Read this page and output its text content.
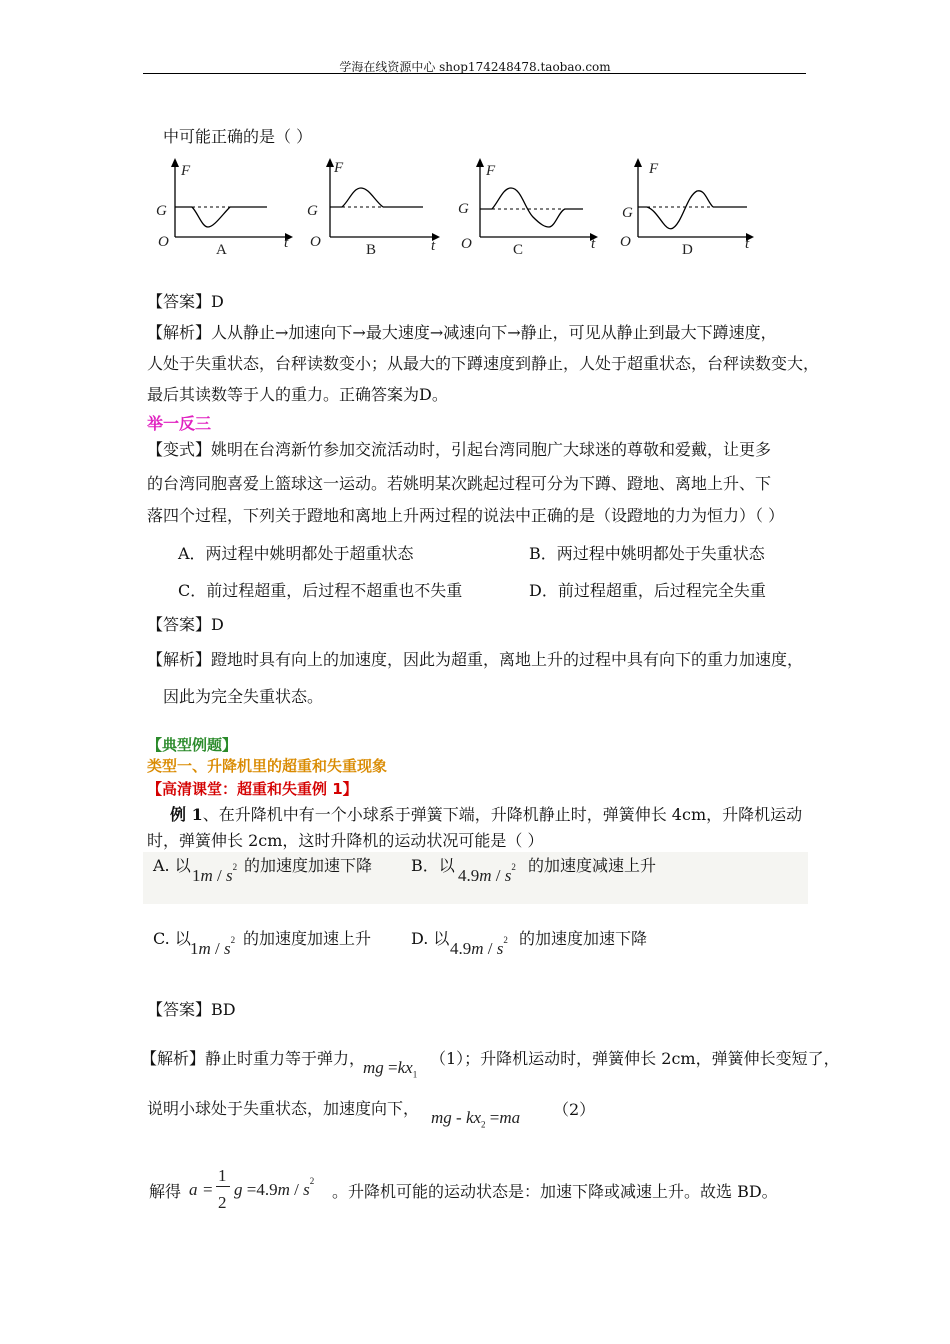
学海在线资源中心 shop174248478.taobao.com
中可能正确的是（ ）
F
G
O	t
A
F
G
O	t
B
F
G
O	t
C
F
G
O	t
D
【答案】D
【解析】人从静止→加速向下→最大速度→减速向下→静止，可见从静止到最大下蹲速度，
人处于失重状态，台秤读数变小；从最大的下蹲速度到静止，人处于超重状态，台秤读数变大，
最后其读数等于人的重力。正确答案为D。
举一反三
【变式】姚明在台湾新竹参加交流活动时，引起台湾同胞广大球迷的尊敬和爱戴，让更多
的台湾同胞喜爱上篮球这一运动。若姚明某次跳起过程可分为下蹲、蹬地、离地上升、下
落四个过程，下列关于蹬地和离地上升两过程的说法中正确的是（设蹬地的力为恒力）（ ）
A．两过程中姚明都处于超重状态	B．两过程中姚明都处于失重状态
C．前过程超重，后过程不超重也不失重	D．前过程超重，后过程完全失重
【答案】D
【解析】蹬地时具有向上的加速度，因此为超重，离地上升的过程中具有向下的重力加速度，
因此为完全失重状态。
【典型例题】
类型一、升降机里的超重和失重现象
【高清课堂：超重和失重例 1】
例 1、在升降机中有一个小球系于弹簧下端，升降机静止时，弹簧伸长 4cm，升降机运动
时，弹簧伸长 2cm，这时升降机的运动状况可能是（ ）
A. 以
$1m / s^2$ 的加速度加速下降 B．以
$4.9m / s^2$ 的加速度减速上升
C. 以
$1m / s^2$ 的加速度加速上升 D. 以
$4.9m / s^2$ 的加速度加速下降
【答案】BD
【解析】静止时重力等于弹力，
mg $=kx_1$
（1）；升降机运动时，弹簧伸长 2cm，弹簧伸长变短了，
说明小球处于失重状态，加速度向下， mg - $kx_2 =ma$ （2）
解得 a =
1
2
$g =4.9m / s^2$
。升降机可能的运动状态是：加速下降或减速上升。故选 BD。
